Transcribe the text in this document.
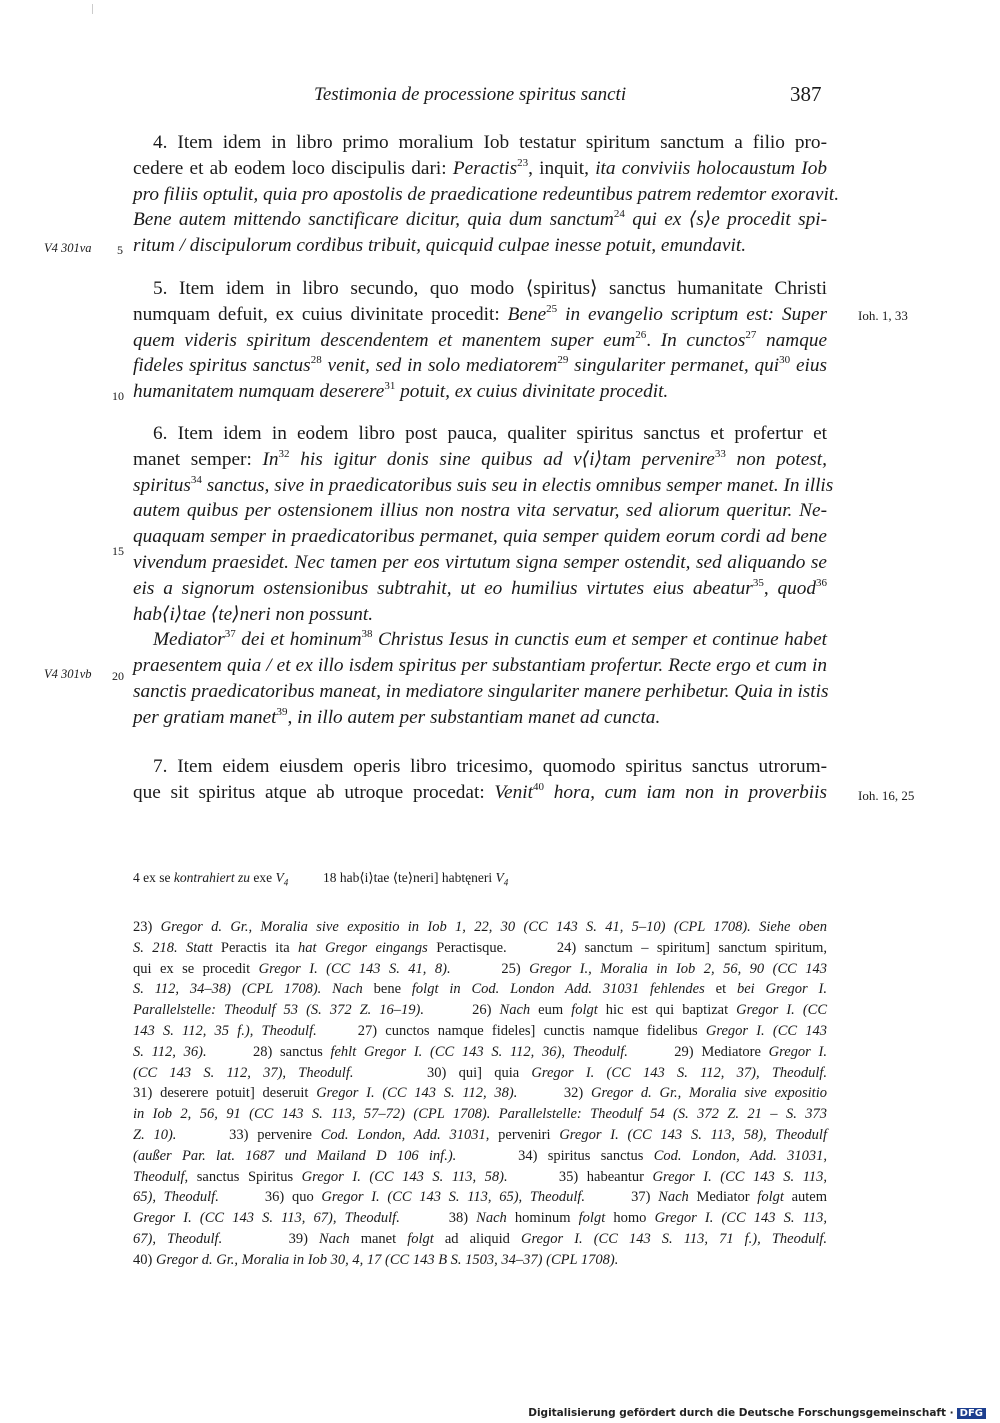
Testimonia de processione spiritus sancti	387
4. Item idem in libro primo moralium Iob testatur spiritum sanctum a filio pro-
cedere et ab eodem loco discipulis dari: Peractis$^{23}$, inquit, ita conviviis holocaustum Iob
pro filiis optulit, quia pro apostolis de praedicatione redeuntibus patrem redemtor exoravit.
Bene autem mittendo sanctificare dicitur, quia dum sanctum$^{24}$ qui ex ⟨s⟩e procedit spi-
ritum / discipulorum cordibus tribuit, quicquid culpae inesse potuit, emundavit.
5. Item idem in libro secundo, quo modo ⟨spiritus⟩ sanctus humanitate Christi
numquam defuit, ex cuius divinitate procedit: Bene$^{25}$ in evangelio scriptum est: Super
quem videris spiritum descendentem et manentem super eum$^{26}$. In cunctos$^{27}$ namque
fideles spiritus sanctus$^{28}$ venit, sed in solo mediatorem$^{29}$ singulariter permanet, qui$^{30}$ eius
humanitatem numquam deserere$^{31}$ potuit, ex cuius divinitate procedit.
6. Item idem in eodem libro post pauca, qualiter spiritus sanctus et profertur et
manet semper: In$^{32}$ his igitur donis sine quibus ad v⟨i⟩tam pervenire$^{33}$ non potest,
spiritus$^{34}$ sanctus, sive in praedicatoribus suis seu in electis omnibus semper manet. In illis
autem quibus per ostensionem illius non nostra vita servatur, sed aliorum queritur. Ne-
quaquam semper in praedicatoribus permanet, quia semper quidem eorum cordi ad bene
vivendum praesidet. Nec tamen per eos virtutum signa semper ostendit, sed aliquando se
eis a signorum ostensionibus subtrahit, ut eo humilius virtutes eius abeatur$^{35}$, quod$^{36}$
hab⟨i⟩tae ⟨te⟩neri non possunt.
Mediator$^{37}$ dei et hominum$^{38}$ Christus Iesus in cunctis eum et semper et continue habet
praesentem quia / et ex illo isdem spiritus per substantiam profertur. Recte ergo et cum in
sanctis praedicatoribus maneat, in mediatore singulariter manere perhibetur. Quia in istis
per gratiam manet$^{39}$, in illo autem per substantiam manet ad cuncta.
7. Item eidem eiusdem operis libro tricesimo, quomodo spiritus sanctus utrorum-
que sit spiritus atque ab utroque procedat: Venit$^{40}$ hora, cum iam non in proverbiis
V4 301va
V4 301vb
5
10
15
20
Ioh. 1, 33
Ioh. 16, 25
4 ex se kontrahiert zu exe $V_4$	18 hab⟨i⟩tae ⟨te⟩neri] habtęneri $V_4$
23) Gregor d. Gr., Moralia sive expositio in Iob 1, 22, 30 (CC 143 S. 41, 5–10) (CPL 1708). Siehe oben
S. 218. Statt Peractis ita hat Gregor eingangs Peractisque.      24) sanctum – spiritum] sanctum spiritum,
qui ex se procedit Gregor I. (CC 143 S. 41, 8).      25) Gregor I., Moralia in Iob 2, 56, 90 (CC 143
S. 112, 34–38) (CPL 1708). Nach bene folgt in Cod. London Add. 31031 fehlendes et bei Gregor I.
Parallelstelle: Theodulf 53 (S. 372 Z. 16–19).      26) Nach eum folgt hic est qui baptizat Gregor I. (CC
143 S. 112, 35 f.), Theodulf.     27) cunctos namque fideles] cunctis namque fidelibus Gregor I. (CC 143
S. 112, 36).      28) sanctus fehlt Gregor I. (CC 143 S. 112, 36), Theodulf.      29) Mediatore Gregor I.
(CC 143 S. 112, 37), Theodulf.      30) qui] quia Gregor I. (CC 143 S. 112, 37), Theodulf.
31) deserere potuit] deseruit Gregor I. (CC 143 S. 112, 38).      32) Gregor d. Gr., Moralia sive expositio
in Iob 2, 56, 91 (CC 143 S. 113, 57–72) (CPL 1708). Parallelstelle: Theodulf 54 (S. 372 Z. 21 – S. 373
Z. 10).      33) pervenire Cod. London, Add. 31031, perveniri Gregor I. (CC 143 S. 113, 58), Theodulf
(außer Par. lat. 1687 und Mailand D 106 inf.).      34) spiritus sanctus Cod. London, Add. 31031,
Theodulf, sanctus Spiritus Gregor I. (CC 143 S. 113, 58).      35) habeantur Gregor I. (CC 143 S. 113,
65), Theodulf.      36) quo Gregor I. (CC 143 S. 113, 65), Theodulf.      37) Nach Mediator folgt autem
Gregor I. (CC 143 S. 113, 67), Theodulf.      38) Nach hominum folgt homo Gregor I. (CC 143 S. 113,
67), Theodulf.      39) Nach manet folgt ad aliquid Gregor I. (CC 143 S. 113, 71 f.), Theodulf.
40) Gregor d. Gr., Moralia in Iob 30, 4, 17 (CC 143 B S. 1503, 34–37) (CPL 1708).
Digitalisierung gefördert durch die Deutsche Forschungsgemeinschaft · DFG
